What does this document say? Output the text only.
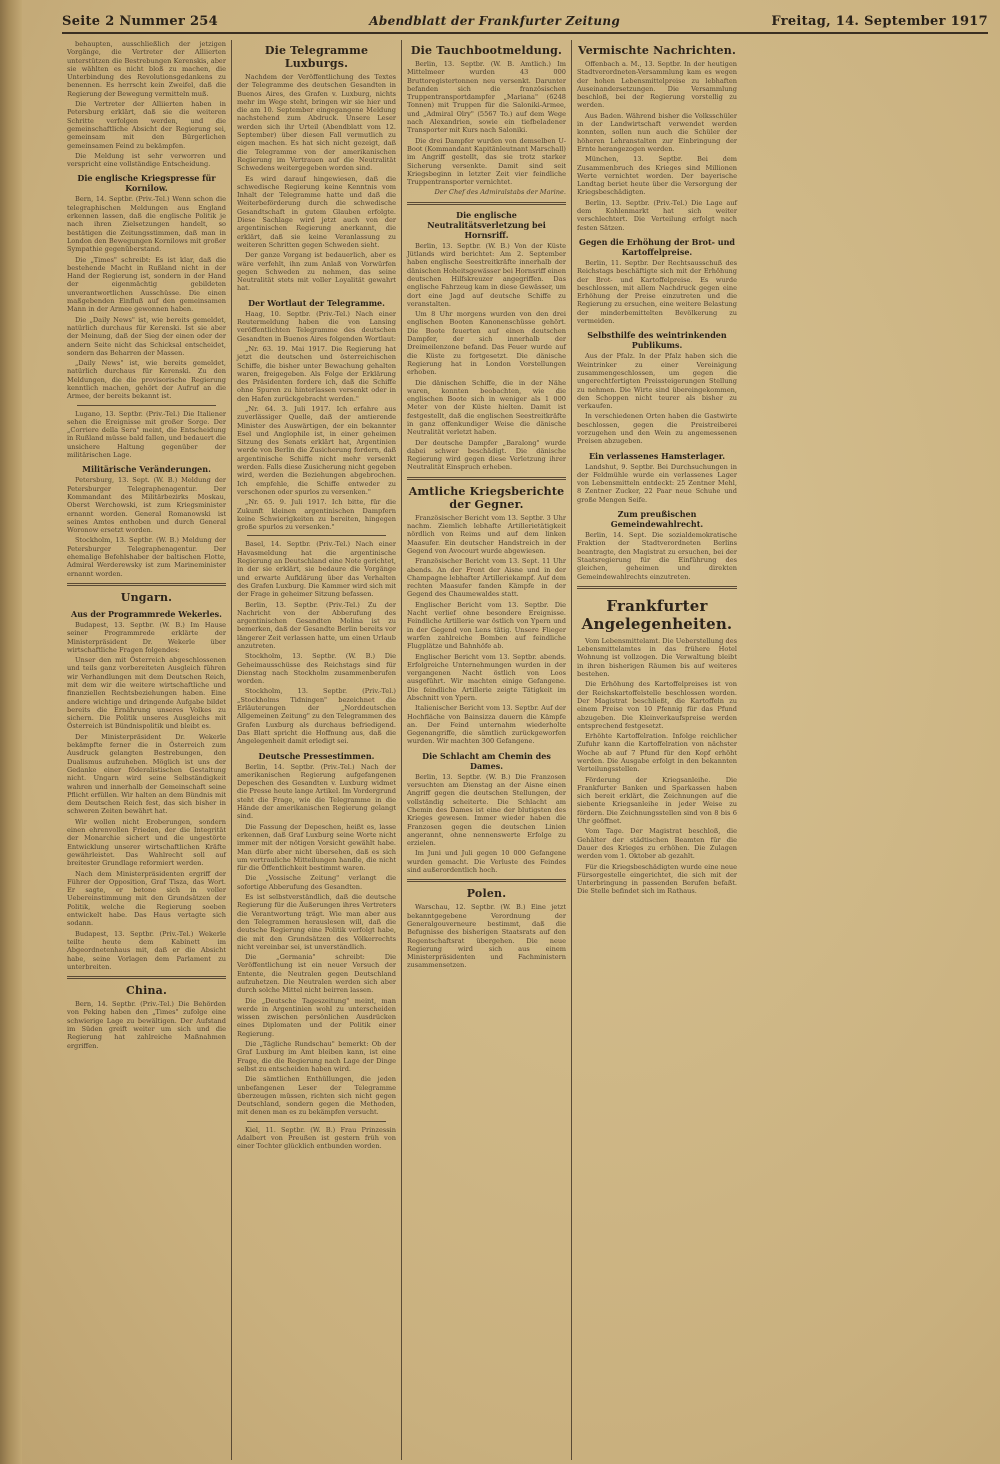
Seite 2 Nummer 254	Abendblatt der Frankfurter Zeitung	Freitag, 14. September 1917

behaupten, ausschließlich der jetzigen Vorgänge, die Vertreter der Alliierten unterstützen die Bestrebungen Kerenskis, aber sie wählten es nicht bloß zu machen, die Unterbindung des Revolutionsgedankens zu benennen. Es herrscht kein Zweifel, daß die Regierung der Bewegung vermitteln muß.

Die Vertreter der Alliierten haben in Petersburg erklärt, daß sie die weiteren Schritte verfolgen werden, und die gemeinschaftliche Absicht der Regierung sei, gemeinsam mit den Bürgerlichen gemeinsamen Feind zu bekämpfen.

Die Meldung ist sehr verworren und verspricht eine vollständige Entscheidung.

Die englische Kriegspresse für Kornilow.

Bern, 14. Septbr. (Priv.-Tel.) Wenn schon die telegraphischen Meldungen aus England erkennen lassen, daß die englische Politik je nach ihren Zielsetzungen handelt, so bestätigen die Zeitungsstimmen, daß man in London den Bewegungen Kornilows mit großer Sympathie gegenüberstand.

Die „Times" schreibt: Es ist klar, daß die bestehende Macht in Rußland nicht in der Hand der Regierung ist, sondern in der Hand der eigenmächtig gebildeten unverantwortlichen Ausschüsse. Die einen maßgebenden Einfluß auf den gemeinsamen Mann in der Armee gewonnen haben.

Die „Daily News" ist, wie bereits gemeldet, natürlich durchaus für Kerenski. Ist sie aber der Meinung, daß der Sieg der einen oder der andern Seite nicht das Schicksal entscheidet, sondern das Beharren der Massen.

„Daily News" ist, wie bereits gemeldet, natürlich durchaus für Kerenski. Zu den Meldungen, die die provisorische Regierung kenntlich machen, gehört der Aufruf an die Armee, der bereits bekannt ist.

Lugano, 13. Septbr. (Priv.-Tel.) Die Italiener sehen die Ereignisse mit großer Sorge. Der „Corriere della Sera" meint, die Entscheidung in Rußland müsse bald fallen, und bedauert die unsichere Haltung gegenüber der militärischen Lage.

Militärische Veränderungen.

Petersburg, 13. Sept. (W. B.) Meldung der Petersburger Telegraphenagentur. Der Kommandant des Militärbezirks Moskau, Oberst Werchowski, ist zum Kriegsminister ernannt worden. General Romanowski ist seines Amtes enthoben und durch General Woronow ersetzt worden.

Stockholm, 13. Septbr. (W. B.) Meldung der Petersburger Telegraphenagentur. Der ehemalige Befehlshaber der baltischen Flotte, Admiral Werderewsky ist zum Marineminister ernannt worden.

Ungarn.
Aus der Programmrede Wekerles.

Budapest, 13. Septbr. (W. B.) Im Hause seiner Programmrede erklärte der Ministerpräsident Dr. Wekerle über wirtschaftliche Fragen folgendes:

Unser den mit Österreich abgeschlossenen und teils ganz vorbereiteten Ausgleich führen wir Verhandlungen mit dem Deutschen Reich, mit dem wir die weitere wirtschaftliche und finanziellen Rechtsbeziehungen haben. Eine andere wichtige und dringende Aufgabe bildet bereits die Ernährung unseres Volkes zu sichern. Die Politik unseres Ausgleichs mit Österreich ist Bündnispolitik und bleibt es.

Der Ministerpräsident Dr. Wekerle bekämpfte ferner die in Österreich zum Ausdruck gelangten Bestrebungen, den Dualismus aufzuheben. Möglich ist uns der Gedanke einer föderalistischen Gestaltung nicht. Ungarn wird seine Selbständigkeit wahren und innerhalb der Gemeinschaft seine Pflicht erfüllen. Wir halten an dem Bündnis mit dem Deutschen Reich fest, das sich bisher in schweren Zeiten bewährt hat.

Wir wollen nicht Eroberungen, sondern einen ehrenvollen Frieden, der die Integrität der Monarchie sichert und die ungestörte Entwicklung unserer wirtschaftlichen Kräfte gewährleistet. Das Wahlrecht soll auf breitester Grundlage reformiert werden.

Nach dem Ministerpräsidenten ergriff der Führer der Opposition, Graf Tisza, das Wort. Er sagte, er betone sich in voller Uebereinstimmung mit den Grundsätzen der Politik, welche die Regierung soeben entwickelt habe. Das Haus vertagte sich sodann.

Budapest, 13. Septbr. (Priv.-Tel.) Wekerle teilte heute dem Kabinett im Abgeordnetenhaus mit, daß er die Absicht habe, seine Vorlagen dem Parlament zu unterbreiten.

China.

Bern, 14. Septbr. (Priv.-Tel.) Die Behörden von Peking haben den „Times" zufolge eine schwierige Lage zu bewältigen. Der Aufstand im Süden greift weiter um sich und die Regierung hat zahlreiche Maßnahmen ergriffen.

Die Telegramme Luxburgs.

Nachdem der Veröffentlichung des Textes der Telegramme des deutschen Gesandten in Buenos Aires, des Grafen v. Luxburg, nichts mehr im Wege steht, bringen wir sie hier und die am 10. September eingegangene Meldung nachstehend zum Abdruck. Unsere Leser werden sich ihr Urteil (Abendblatt vom 12. September) über diesen Fall vermutlich zu eigen machen. Es hat sich nicht gezeigt, daß die Telegramme von der amerikanischen Regierung im Vertrauen auf die Neutralität Schwedens weitergegeben worden sind.

Es wird darauf hingewiesen, daß die schwedische Regierung keine Kenntnis vom Inhalt der Telegramme hatte und daß die Weiterbeförderung durch die schwedische Gesandtschaft in gutem Glauben erfolgte. Diese Sachlage wird jetzt auch von der argentinischen Regierung anerkannt, die erklärt, daß sie keine Veranlassung zu weiteren Schritten gegen Schweden sieht.

Der ganze Vorgang ist bedauerlich, aber es wäre verfehlt, ihn zum Anlaß von Vorwürfen gegen Schweden zu nehmen, das seine Neutralität stets mit voller Loyalität gewahrt hat.

Der Wortlaut der Telegramme.

Haag, 10. Septbr. (Priv.-Tel.) Nach einer Reutermeldung haben die von Lansing veröffentlichten Telegramme des deutschen Gesandten in Buenos Aires folgenden Wortlaut:

„Nr. 63. 19. Mai 1917. Die Regierung hat jetzt die deutschen und österreichischen Schiffe, die bisher unter Bewachung gehalten waren, freigegeben. Als Folge der Erklärung des Präsidenten fordere ich, daß die Schiffe ohne Spuren zu hinterlassen versenkt oder in den Hafen zurückgebracht werden."

„Nr. 64. 3. Juli 1917. Ich erfahre aus zuverlässiger Quelle, daß der amtierende Minister des Auswärtigen, der ein bekannter Esel und Anglophile ist, in einer geheimen Sitzung des Senats erklärt hat, Argentinien werde von Berlin die Zusicherung fordern, daß argentinische Schiffe nicht mehr versenkt werden. Falls diese Zusicherung nicht gegeben wird, werden die Beziehungen abgebrochen. Ich empfehle, die Schiffe entweder zu verschonen oder spurlos zu versenken."

„Nr. 65. 9. Juli 1917. Ich bitte, für die Zukunft kleinen argentinischen Dampfern keine Schwierigkeiten zu bereiten, hingegen große spurlos zu versenken."

Basel, 14. Septbr. (Priv.-Tel.) Nach einer Havasmeldung hat die argentinische Regierung an Deutschland eine Note gerichtet, in der sie erklärt, sie bedaure die Vorgänge und erwarte Aufklärung über das Verhalten des Grafen Luxburg. Die Kammer wird sich mit der Frage in geheimer Sitzung befassen.

Berlin, 13. Septbr. (Priv.-Tel.) Zu der Nachricht von der Abberufung des argentinischen Gesandten Molina ist zu bemerken, daß der Gesandte Berlin bereits vor längerer Zeit verlassen hatte, um einen Urlaub anzutreten.

Stockholm, 13. Septbr. (W. B.) Die Geheimausschüsse des Reichstags sind für Dienstag nach Stockholm zusammenberufen worden.

Stockholm, 13. Septbr. (Priv.-Tel.) „Stockholms Tidningen" bezeichnet die Erläuterungen der „Norddeutschen Allgemeinen Zeitung" zu den Telegrammen des Grafen Luxburg als durchaus befriedigend. Das Blatt spricht die Hoffnung aus, daß die Angelegenheit damit erledigt sei.

Deutsche Pressestimmen.

Berlin, 14. Septbr. (Priv.-Tel.) Nach der amerikanischen Regierung aufgefangenen Depeschen des Gesandten v. Luxburg widmet die Presse heute lange Artikel. Im Vordergrund steht die Frage, wie die Telegramme in die Hände der amerikanischen Regierung gelangt sind.

Die Fassung der Depeschen, heißt es, lasse erkennen, daß Graf Luxburg seine Worte nicht immer mit der nötigen Vorsicht gewählt habe. Man dürfe aber nicht übersehen, daß es sich um vertrauliche Mitteilungen handle, die nicht für die Öffentlichkeit bestimmt waren.

Die „Vossische Zeitung" verlangt die sofortige Abberufung des Gesandten.

Es ist selbstverständlich, daß die deutsche Regierung für die Äußerungen ihres Vertreters die Verantwortung trägt. Wie man aber aus den Telegrammen herauslesen will, daß die deutsche Regierung eine Politik verfolgt habe, die mit den Grundsätzen des Völkerrechts nicht vereinbar sei, ist unverständlich.

Die „Germania" schreibt: Die Veröffentlichung ist ein neuer Versuch der Entente, die Neutralen gegen Deutschland aufzuhetzen. Die Neutralen werden sich aber durch solche Mittel nicht beirren lassen.

Die „Deutsche Tageszeitung" meint, man werde in Argentinien wohl zu unterscheiden wissen zwischen persönlichen Ausdrücken eines Diplomaten und der Politik einer Regierung.

Die „Tägliche Rundschau" bemerkt: Ob der Graf Luxburg im Amt bleiben kann, ist eine Frage, die die Regierung nach Lage der Dinge selbst zu entscheiden haben wird.

Die sämtlichen Enthüllungen, die jeden unbefangenen Leser der Telegramme überzeugen müssen, richten sich nicht gegen Deutschland, sondern gegen die Methoden, mit denen man es zu bekämpfen versucht.

Kiel, 11. Septbr. (W. B.) Frau Prinzessin Adalbert von Preußen ist gestern früh von einer Tochter glücklich entbunden worden.

Die Tauchbootmeldung.

Berlin, 13. Septbr. (W. B. Amtlich.) Im Mittelmeer wurden 43 000 Bruttoregistertonnen neu versenkt. Darunter befanden sich die französischen Truppentransportdampfer „Mariana" (6248 Tonnen) mit Truppen für die Saloniki-Armee, und „Admiral Olry" (5567 To.) auf dem Wege nach Alexandrien, sowie ein tiefbeladener Transporter mit Kurs nach Saloniki.

Die drei Dampfer wurden von demselben U-Boot (Kommandant Kapitänleutnant Marschall) im Angriff gestellt, das sie trotz starker Sicherung versenkte. Damit sind seit Kriegsbeginn in letzter Zeit vier feindliche Truppentransporter vernichtet.

Der Chef des Admiralstabs der Marine.

Die englische Neutralitätsverletzung bei Hornsriff.

Berlin, 13. Septbr. (W. B.) Von der Küste Jütlands wird berichtet: Am 2. September haben englische Seestreitkräfte innerhalb der dänischen Hoheitsgewässer bei Hornsriff einen deutschen Hilfskreuzer angegriffen. Das englische Fahrzeug kam in diese Gewässer, um dort eine Jagd auf deutsche Schiffe zu veranstalten.

Um 8 Uhr morgens wurden von den drei englischen Booten Kanonenschüsse gehört. Die Boote feuerten auf einen deutschen Dampfer, der sich innerhalb der Dreimeilenzone befand. Das Feuer wurde auf die Küste zu fortgesetzt. Die dänische Regierung hat in London Vorstellungen erhoben.

Die dänischen Schiffe, die in der Nähe waren, konnten beobachten, wie die englischen Boote sich in weniger als 1 000 Meter von der Küste hielten. Damit ist festgestellt, daß die englischen Seestreitkräfte in ganz offenkundiger Weise die dänische Neutralität verletzt haben.

Der deutsche Dampfer „Baralong" wurde dabei schwer beschädigt. Die dänische Regierung wird gegen diese Verletzung ihrer Neutralität Einspruch erheben.

Amtliche Kriegsberichte der Gegner.

Französischer Bericht vom 13. Septbr. 3 Uhr nachm. Ziemlich lebhafte Artillerietätigkeit nördlich von Reims und auf dem linken Maasufer. Ein deutscher Handstreich in der Gegend von Avocourt wurde abgewiesen.

Französischer Bericht vom 13. Sept. 11 Uhr abends. An der Front der Aisne und in der Champagne lebhafter Artilleriekampf. Auf dem rechten Maasufer fanden Kämpfe in der Gegend des Chaumewaldes statt.

Englischer Bericht vom 13. Septbr. Die Nacht verlief ohne besondere Ereignisse. Feindliche Artillerie war östlich von Ypern und in der Gegend von Lens tätig. Unsere Flieger warfen zahlreiche Bomben auf feindliche Flugplätze und Bahnhöfe ab.

Englischer Bericht vom 13. Septbr. abends. Erfolgreiche Unternehmungen wurden in der vergangenen Nacht östlich von Loos ausgeführt. Wir machten einige Gefangene. Die feindliche Artillerie zeigte Tätigkeit im Abschnitt von Ypern.

Italienischer Bericht vom 13. Septbr. Auf der Hochfläche von Bainsizza dauern die Kämpfe an. Der Feind unternahm wiederholte Gegenangriffe, die sämtlich zurückgeworfen wurden. Wir machten 300 Gefangene.

Die Schlacht am Chemin des Dames.

Berlin, 13. Septbr. (W. B.) Die Franzosen versuchten am Dienstag an der Aisne einen Angriff gegen die deutschen Stellungen, der vollständig scheiterte. Die Schlacht am Chemin des Dames ist eine der blutigsten des Krieges gewesen. Immer wieder haben die Franzosen gegen die deutschen Linien angerannt, ohne nennenswerte Erfolge zu erzielen.

Im Juni und Juli gegen 10 000 Gefangene wurden gemacht. Die Verluste des Feindes sind außerordentlich hoch.

Polen.

Warschau, 12. Septbr. (W. B.) Eine jetzt bekanntgegebene Verordnung der Generalgouverneure bestimmt, daß die Befugnisse des bisherigen Staatsrats auf den Regentschaftsrat übergehen. Die neue Regierung wird sich aus einem Ministerpräsidenten und Fachministern zusammensetzen.

Vermischte Nachrichten.

Offenbach a. M., 13. Septbr. In der heutigen Stadtverordneten-Versammlung kam es wegen der hohen Lebensmittelpreise zu lebhaften Auseinandersetzungen. Die Versammlung beschloß, bei der Regierung vorstellig zu werden.

Aus Baden. Während bisher die Volksschüler in der Landwirtschaft verwendet werden konnten, sollen nun auch die Schüler der höheren Lehranstalten zur Einbringung der Ernte herangezogen werden.

München, 13. Septbr. Bei dem Zusammenbruch des Krieges sind Millionen Werte vernichtet worden. Der bayerische Landtag beriet heute über die Versorgung der Kriegsbeschädigten.

Berlin, 13. Septbr. (Priv.-Tel.) Die Lage auf dem Kohlenmarkt hat sich weiter verschlechtert. Die Verteilung erfolgt nach festen Sätzen.

Gegen die Erhöhung der Brot- und Kartoffelpreise.

Berlin, 11. Septbr. Der Rechtsausschuß des Reichstags beschäftigte sich mit der Erhöhung der Brot- und Kartoffelpreise. Es wurde beschlossen, mit allem Nachdruck gegen eine Erhöhung der Preise einzutreten und die Regierung zu ersuchen, eine weitere Belastung der minderbemittelten Bevölkerung zu vermeiden.

Selbsthilfe des weintrinkenden Publikums.

Aus der Pfalz. In der Pfalz haben sich die Weintrinker zu einer Vereinigung zusammengeschlossen, um gegen die ungerechtfertigten Preissteigerungen Stellung zu nehmen. Die Wirte sind übereingekommen, den Schoppen nicht teurer als bisher zu verkaufen.

In verschiedenen Orten haben die Gastwirte beschlossen, gegen die Preistreiberei vorzugehen und den Wein zu angemessenen Preisen abzugeben.

Ein verlassenes Hamsterlager.

Landshut, 9. Septbr. Bei Durchsuchungen in der Feldmühle wurde ein verlassenes Lager von Lebensmitteln entdeckt: 25 Zentner Mehl, 8 Zentner Zucker, 22 Paar neue Schuhe und große Mengen Seife.

Zum preußischen Gemeindewahlrecht.

Berlin, 14. Sept. Die sozialdemokratische Fraktion der Stadtverordneten Berlins beantragte, den Magistrat zu ersuchen, bei der Staatsregierung für die Einführung des gleichen, geheimen und direkten Gemeindewahlrechts einzutreten.

Frankfurter Angelegenheiten.

Vom Lebensmittelamt. Die Ueberstellung des Lebensmittelamtes in das frühere Hotel Wohnung ist vollzogen. Die Verwaltung bleibt in ihren bisherigen Räumen bis auf weiteres bestehen.

Die Erhöhung des Kartoffelpreises ist von der Reichskartoffelstelle beschlossen worden. Der Magistrat beschließt, die Kartoffeln zu einem Preise von 10 Pfennig für das Pfund abzugeben. Die Kleinverkaufspreise werden entsprechend festgesetzt.

Erhöhte Kartoffelration. Infolge reichlicher Zufuhr kann die Kartoffelration von nächster Woche ab auf 7 Pfund für den Kopf erhöht werden. Die Ausgabe erfolgt in den bekannten Verteilungsstellen.

Förderung der Kriegsanleihe. Die Frankfurter Banken und Sparkassen haben sich bereit erklärt, die Zeichnungen auf die siebente Kriegsanleihe in jeder Weise zu fördern. Die Zeichnungsstellen sind von 8 bis 6 Uhr geöffnet.

Vom Tage. Der Magistrat beschloß, die Gehälter der städtischen Beamten für die Dauer des Krieges zu erhöhen. Die Zulagen werden vom 1. Oktober ab gezahlt.

Für die Kriegsbeschädigten wurde eine neue Fürsorgestelle eingerichtet, die sich mit der Unterbringung in passenden Berufen befaßt. Die Stelle befindet sich im Rathaus.
